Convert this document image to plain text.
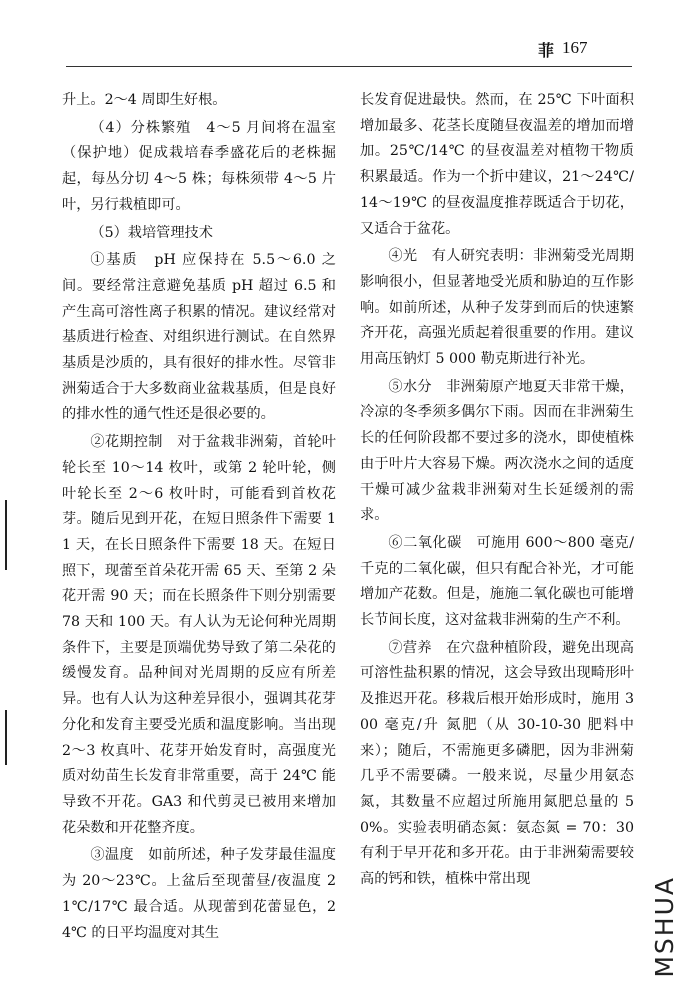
菲 167

升上。2～4 周即生好根。

（4）分株繁殖　4～5 月间将在温室（保护地）促成栽培春季盛花后的老株掘起，每丛分切 4～5 株；每株须带 4～5 片叶，另行栽植即可。

（5）栽培管理技术

①基质　pH 应保持在 5.5～6.0 之间。要经常注意避免基质 pH 超过 6.5 和产生高可溶性离子积累的情况。建议经常对基质进行检查、对组织进行测试。在自然界基质是沙质的，具有很好的排水性。尽管非洲菊适合于大多数商业盆栽基质，但是良好的排水性的通气性还是很必要的。

②花期控制　对于盆栽非洲菊，首轮叶轮长至 10～14 枚叶，或第 2 轮叶轮，侧叶轮长至 2～6 枚叶时，可能看到首枚花芽。随后见到开花，在短日照条件下需要 11 天，在长日照条件下需要 18 天。在短日照下，现蕾至首朵花开需 65 天、至第 2 朵花开需 90 天；而在长照条件下则分别需要 78 天和 100 天。有人认为无论何种光周期条件下，主要是顶端优势导致了第二朵花的缓慢发育。品种间对光周期的反应有所差异。也有人认为这种差异很小，强调其花芽分化和发育主要受光质和温度影响。当出现 2～3 枚真叶、花芽开始发育时，高强度光质对幼苗生长发育非常重要，高于 24℃ 能导致不开花。GA3 和代剪灵已被用来增加花朵数和开花整齐度。

③温度　如前所述，种子发芽最佳温度为 20～23℃。上盆后至现蕾昼/夜温度 21℃/17℃ 最合适。从现蕾到花蕾显色，24℃ 的日平均温度对其生

长发育促进最快。然而，在 25℃ 下叶面积增加最多、花茎长度随昼夜温差的增加而增加。25℃/14℃ 的昼夜温差对植物干物质积累最适。作为一个折中建议，21～24℃/14～19℃ 的昼夜温度推荐既适合于切花，又适合于盆花。

④光　有人研究表明：非洲菊受光周期影响很小，但显著地受光质和胁迫的互作影响。如前所述，从种子发芽到而后的快速繁齐开花，高强光质起着很重要的作用。建议用高压钠灯 5 000 勒克斯进行补光。

⑤水分　非洲菊原产地夏天非常干燥，冷凉的冬季须多偶尔下雨。因而在非洲菊生长的任何阶段都不要过多的浇水，即使植株由于叶片大容易下燥。两次浇水之间的适度干燥可减少盆栽非洲菊对生长延缓剂的需求。

⑥二氧化碳　可施用 600～800 毫克/千克的二氧化碳，但只有配合补光，才可能增加产花数。但是，施施二氧化碳也可能增长节间长度，这对盆栽非洲菊的生产不利。

⑦营养　在穴盘种植阶段，避免出现高可溶性盐积累的情况，这会导致出现畸形叶及推迟开花。移栽后根开始形成时，施用 300 毫克/升 氮肥（从 30-10-30 肥料中来）；随后，不需施更多磷肥，因为非洲菊几乎不需要磷。一般来说，尽量少用氨态氮，其数量不应超过所施用氮肥总量的 50%。实验表明硝态氮：氨态氮 = 70：30 有利于早开花和多开花。由于非洲菊需要较高的钙和铁，植株中常出现	MSHUA
